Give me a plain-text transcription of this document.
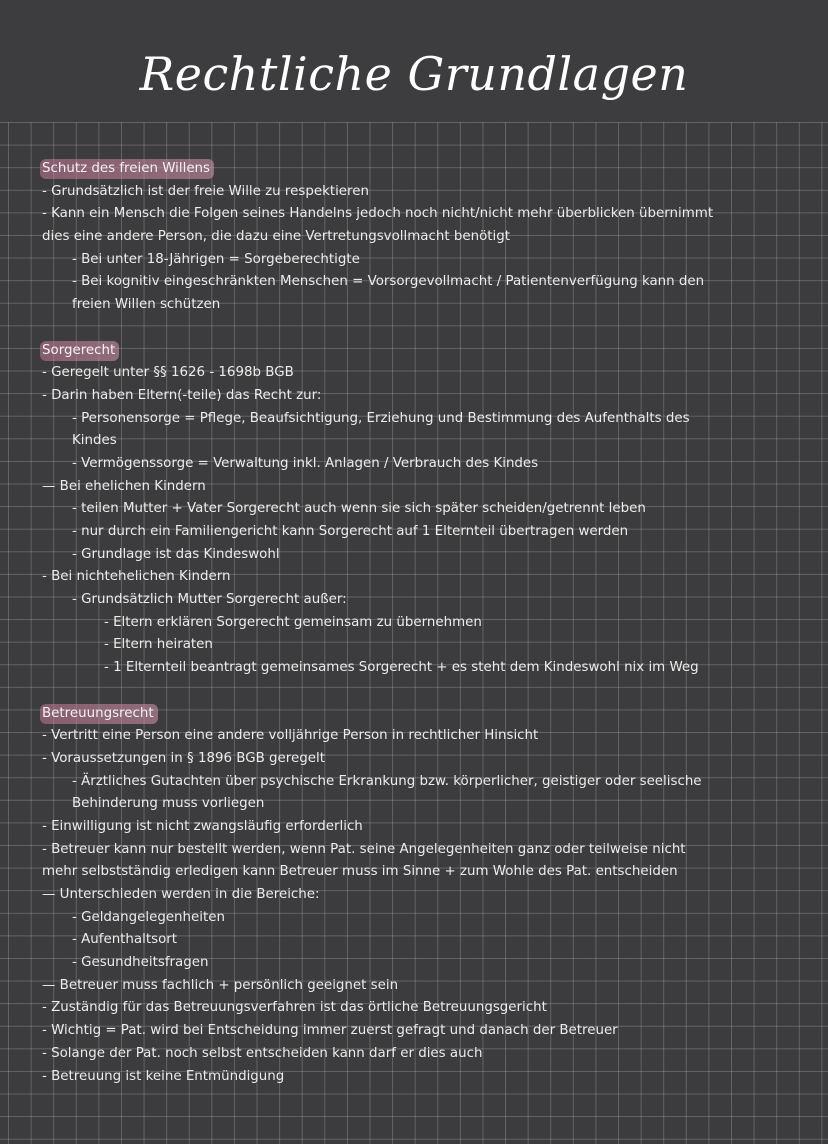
Rechtliche Grundlagen
Schutz des freien Willens
- Grundsätzlich ist der freie Wille zu respektieren
- Kann ein Mensch die Folgen seines Handelns jedoch noch nicht/nicht mehr überblicken übernimmt
dies eine andere Person, die dazu eine Vertretungsvollmacht benötigt
- Bei unter 18-Jährigen = Sorgeberechtigte
- Bei kognitiv eingeschränkten Menschen = Vorsorgevollmacht / Patientenverfügung kann den
freien Willen schützen
Sorgerecht
- Geregelt unter §§ 1626 - 1698b BGB
- Darin haben Eltern(-teile) das Recht zur:
- Personensorge = Pflege, Beaufsichtigung, Erziehung und Bestimmung des Aufenthalts des
Kindes
- Vermögenssorge = Verwaltung inkl. Anlagen / Verbrauch des Kindes
— Bei ehelichen Kindern
- teilen Mutter + Vater Sorgerecht auch wenn sie sich später scheiden/getrennt leben
- nur durch ein Familiengericht kann Sorgerecht auf 1 Elternteil übertragen werden
- Grundlage ist das Kindeswohl
- Bei nichtehelichen Kindern
- Grundsätzlich Mutter Sorgerecht außer:
- Eltern erklären Sorgerecht gemeinsam zu übernehmen
- Eltern heiraten
- 1 Elternteil beantragt gemeinsames Sorgerecht + es steht dem Kindeswohl nix im Weg
Betreuungsrecht
- Vertritt eine Person eine andere volljährige Person in rechtlicher Hinsicht
- Voraussetzungen in § 1896 BGB geregelt
- Ärztliches Gutachten über psychische Erkrankung bzw. körperlicher, geistiger oder seelische
Behinderung muss vorliegen
- Einwilligung ist nicht zwangsläufig erforderlich
- Betreuer kann nur bestellt werden, wenn Pat. seine Angelegenheiten ganz oder teilweise nicht
mehr selbstständig erledigen kann Betreuer muss im Sinne + zum Wohle des Pat. entscheiden
— Unterschieden werden in die Bereiche:
- Geldangelegenheiten
- Aufenthaltsort
- Gesundheitsfragen
— Betreuer muss fachlich + persönlich geeignet sein
- Zuständig für das Betreuungsverfahren ist das örtliche Betreuungsgericht
- Wichtig = Pat. wird bei Entscheidung immer zuerst gefragt und danach der Betreuer
- Solange der Pat. noch selbst entscheiden kann darf er dies auch
- Betreuung ist keine Entmündigung
